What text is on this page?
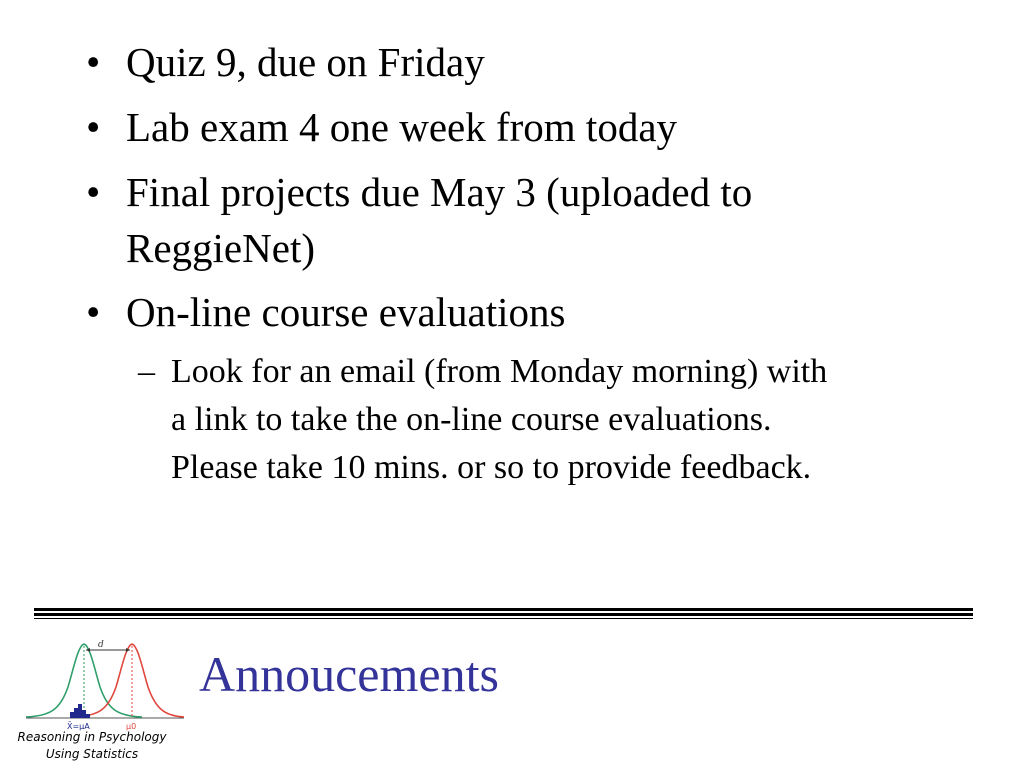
• Quiz 9, due on Friday
• Lab exam 4 one week from today
• Final projects due May 3 (uploaded to
ReggieNet)
• On-line course evaluations
– Look for an email (from Monday morning) with
a link to take the on-line course evaluations.
Please take 10 mins. or so to provide feedback.
d
X̄=μA	μ0
Reasoning in Psychology
Using Statistics
Annoucements
